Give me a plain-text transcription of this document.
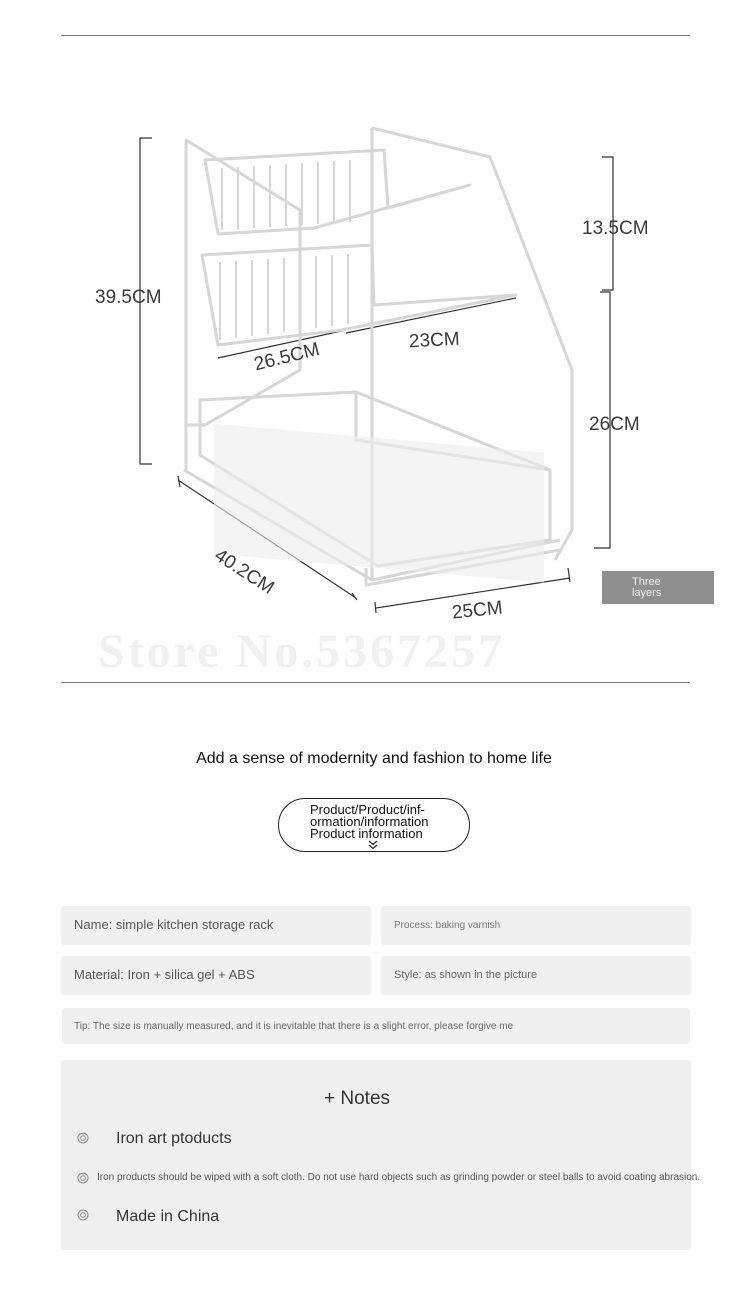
39.5CM
13.5CM
26CM
26.5CM	23CM
40.2CM
25CM
Three
layers
Store No.5367257
Add a sense of modernity and fashion to home life
Product/Product/inf-
ormation/information
Product information
Name: simple kitchen storage rack	Process: baking varnish
Material: Iron + silica gel + ABS	Style: as shown in the picture
Tip: The size is manually measured, and it is inevitable that there is a slight error, please forgive me
+ Notes
Iron art ptoducts
Iron products should be wiped with a soft cloth. Do not use hard objects such as grinding powder or steel balls to avoid coating abrasion.
Made in China
